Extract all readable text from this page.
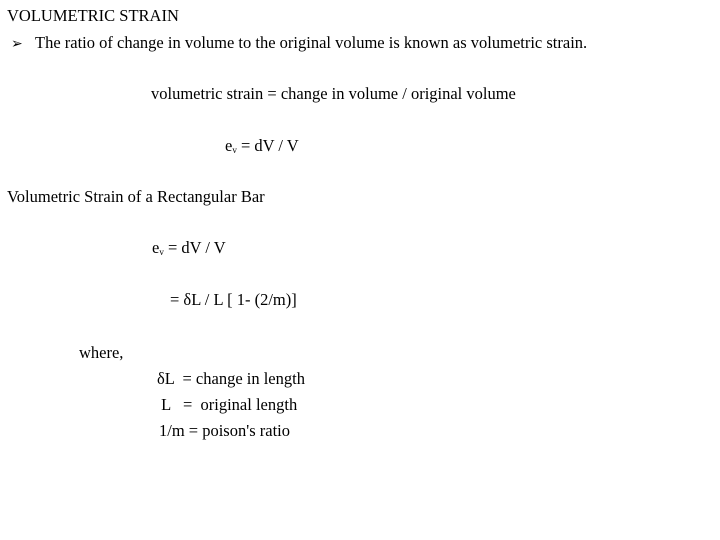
VOLUMETRIC STRAIN
➢ The ratio of change in volume to the original volume is known as volumetric strain.
volumetric strain = change in volume / original volume
$e_v$ = dV / V
Volumetric Strain of a Rectangular Bar
$e_v$ = dV / V
= δL / L [ 1- (2/m)]
where,
δL  = change in length
L   =  original length
1/m = poison's ratio
